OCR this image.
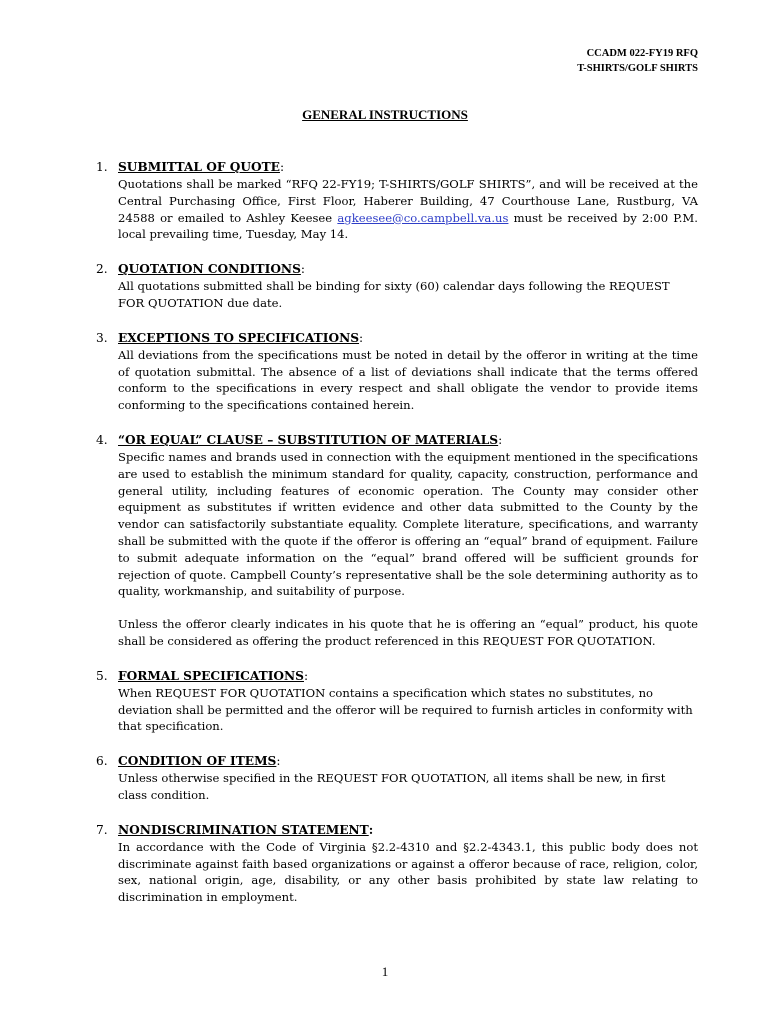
CCADM 022-FY19 RFQ
T-SHIRTS/GOLF SHIRTS
GENERAL INSTRUCTIONS
1. SUBMITTAL OF QUOTE :

Quotations shall be marked “RFQ 22-FY19; T-SHIRTS/GOLF SHIRTS”, and will be received at the Central Purchasing Office, First Floor, Haberer Building, 47 Courthouse Lane, Rustburg, VA 24588 or emailed to Ashley Keesee agkeesee@co.campbell.va.us must be received by 2:00 P.M. local prevailing time, Tuesday, May 14.

2. QUOTATION CONDITIONS :

All quotations submitted shall be binding for sixty (60) calendar days following the REQUEST FOR QUOTATION due date.

3. EXCEPTIONS TO SPECIFICATIONS :

All deviations from the specifications must be noted in detail by the offeror in writing at the time of quotation submittal. The absence of a list of deviations shall indicate that the terms offered conform to the specifications in every respect and shall obligate the vendor to provide items conforming to the specifications contained herein.

4. “OR EQUAL” CLAUSE – SUBSTITUTION OF MATERIALS :

Specific names and brands used in connection with the equipment mentioned in the specifications are used to establish the minimum standard for quality, capacity, construction, performance and general utility, including features of economic operation. The County may consider other equipment as substitutes if written evidence and other data submitted to the County by the vendor can satisfactorily substantiate equality. Complete literature, specifications, and warranty shall be submitted with the quote if the offeror is offering an “equal” brand of equipment. Failure to submit adequate information on the “equal” brand offered will be sufficient grounds for rejection of quote. Campbell County’s representative shall be the sole determining authority as to quality, workmanship, and suitability of purpose.

Unless the offeror clearly indicates in his quote that he is offering an “equal” product, his quote shall be considered as offering the product referenced in this REQUEST FOR QUOTATION.

5. FORMAL SPECIFICATIONS :

When REQUEST FOR QUOTATION contains a specification which states no substitutes, no deviation shall be permitted and the offeror will be required to furnish articles in conformity with that specification.

6. CONDITION OF ITEMS :

Unless otherwise specified in the REQUEST FOR QUOTATION, all items shall be new, in first class condition.

7. NONDISCRIMINATION STATEMENT :

In accordance with the Code of Virginia §2.2-4310 and §2.2-4343.1, this public body does not discriminate against faith based organizations or against a offeror because of race, religion, color, sex, national origin, age, disability, or any other basis prohibited by state law relating to discrimination in employment.

1
